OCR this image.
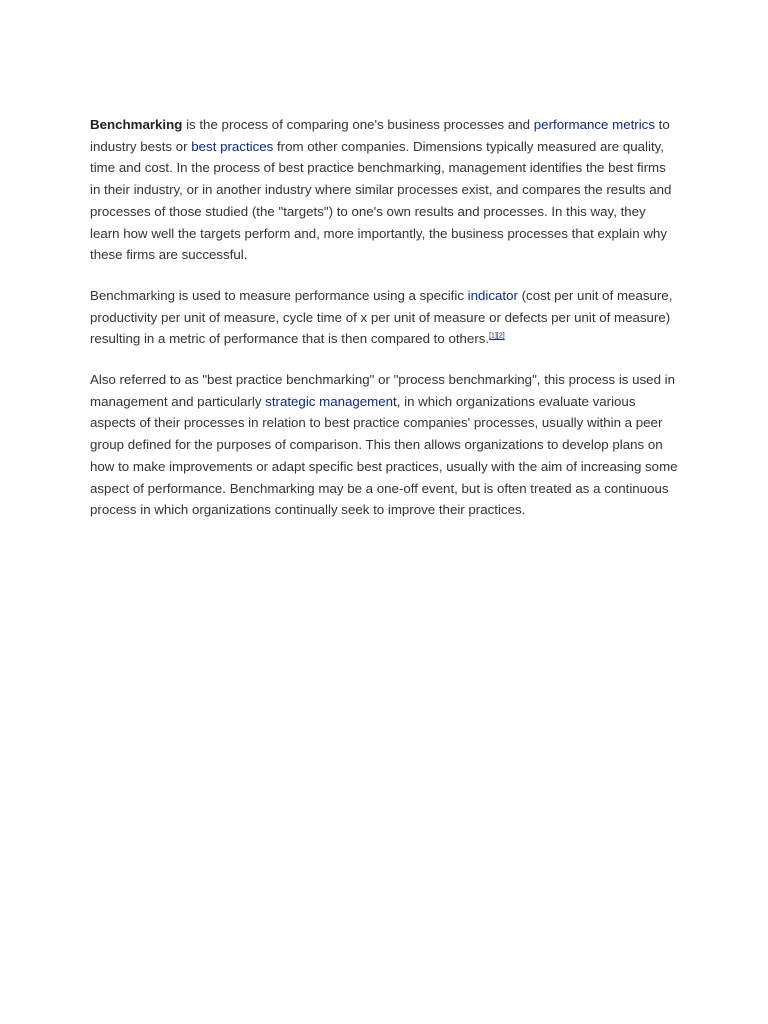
Benchmarking is the process of comparing one's business processes and performance metrics to industry bests or best practices from other companies. Dimensions typically measured are quality, time and cost. In the process of best practice benchmarking, management identifies the best firms in their industry, or in another industry where similar processes exist, and compares the results and processes of those studied (the "targets") to one's own results and processes. In this way, they learn how well the targets perform and, more importantly, the business processes that explain why these firms are successful.

Benchmarking is used to measure performance using a specific indicator (cost per unit of measure, productivity per unit of measure, cycle time of x per unit of measure or defects per unit of measure) resulting in a metric of performance that is then compared to others.[1][2]

Also referred to as "best practice benchmarking" or "process benchmarking", this process is used in management and particularly strategic management, in which organizations evaluate various aspects of their processes in relation to best practice companies' processes, usually within a peer group defined for the purposes of comparison. This then allows organizations to develop plans on how to make improvements or adapt specific best practices, usually with the aim of increasing some aspect of performance. Benchmarking may be a one-off event, but is often treated as a continuous process in which organizations continually seek to improve their practices.
